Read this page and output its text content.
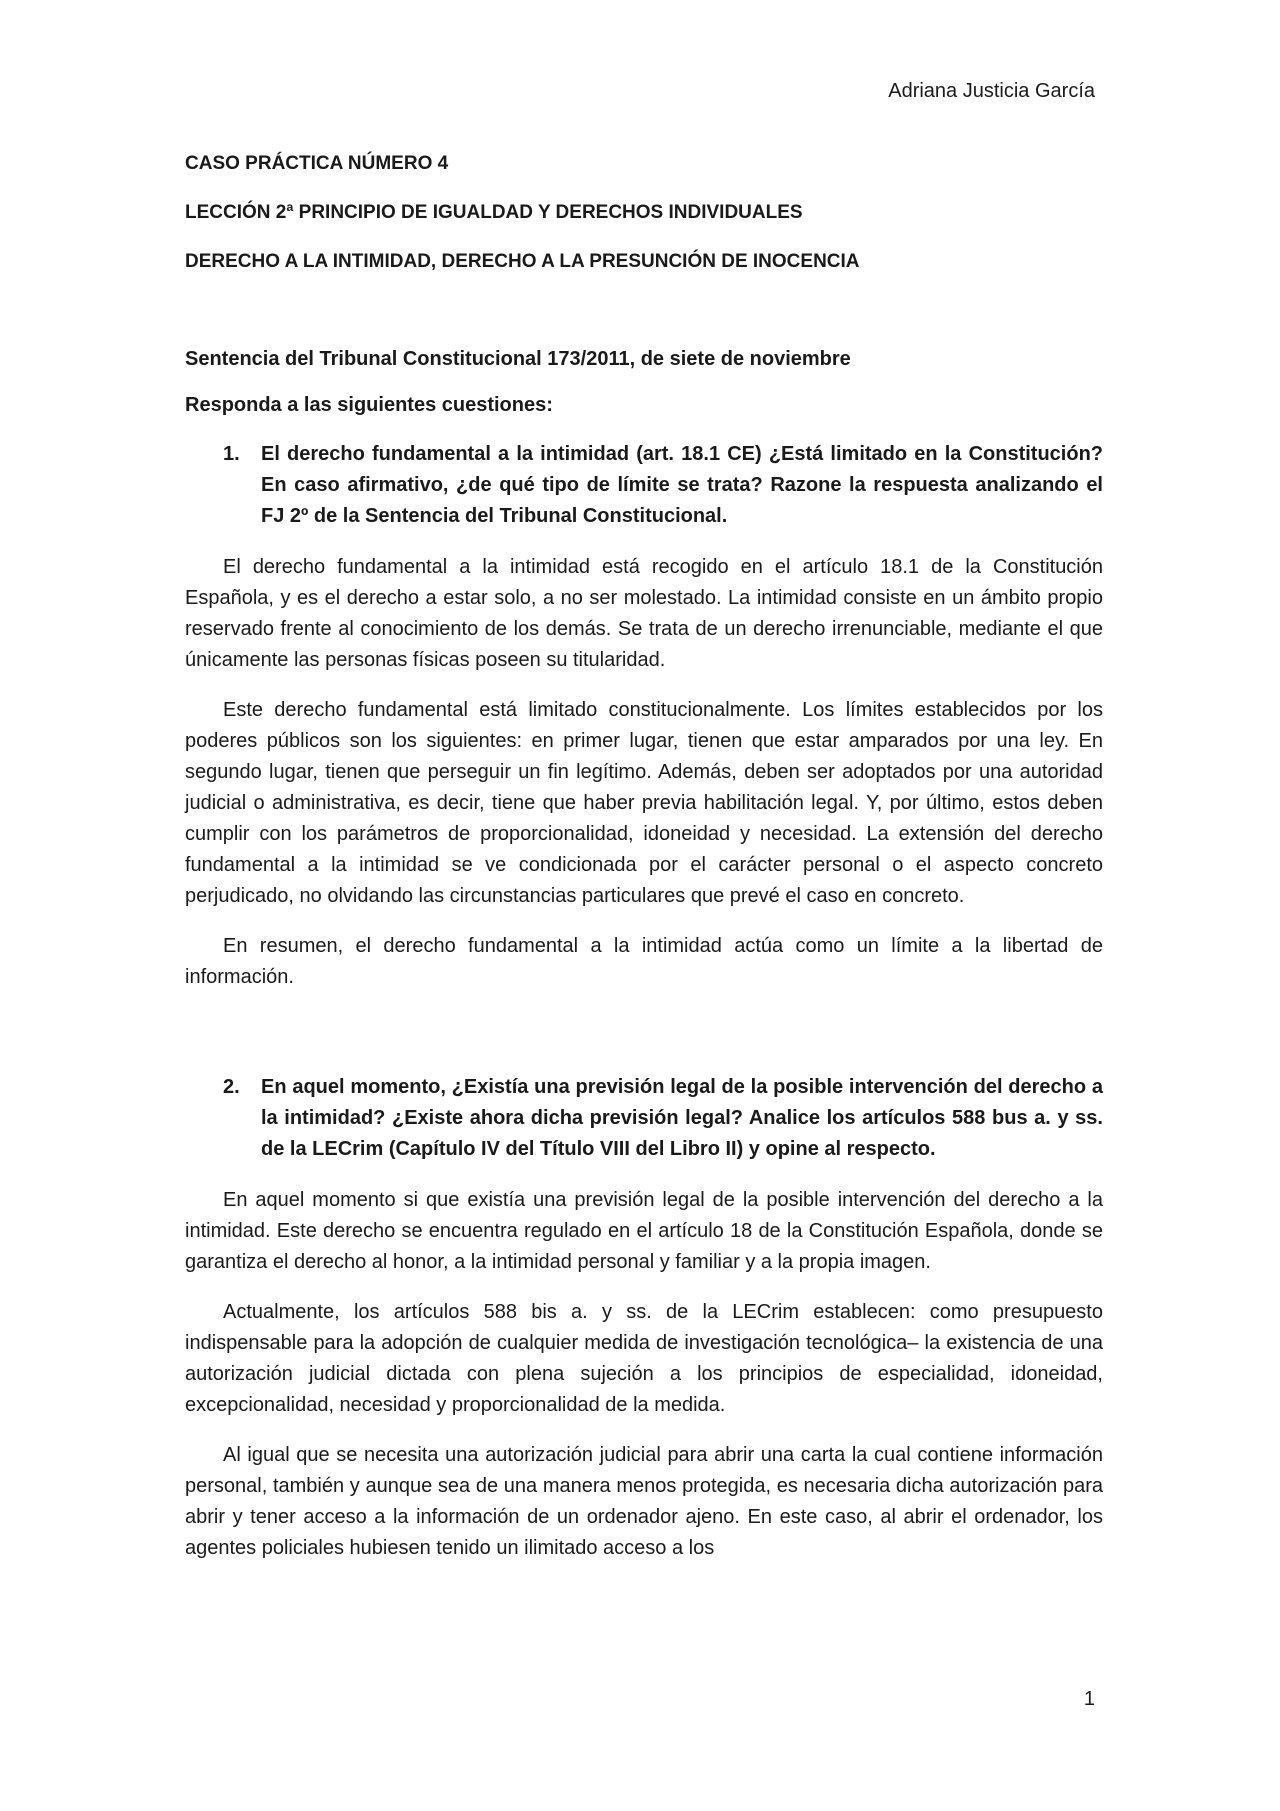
Adriana Justicia García
CASO PRÁCTICA NÚMERO 4
LECCIÓN 2ª PRINCIPIO DE IGUALDAD Y DERECHOS INDIVIDUALES
DERECHO A LA INTIMIDAD, DERECHO A LA PRESUNCIÓN DE INOCENCIA
Sentencia del Tribunal Constitucional 173/2011, de siete de noviembre
Responda a las siguientes cuestiones:
1.	El derecho fundamental a la intimidad (art. 18.1 CE) ¿Está limitado en la Constitución? En caso afirmativo, ¿de qué tipo de límite se trata? Razone la respuesta analizando el FJ 2º de la Sentencia del Tribunal Constitucional.

El derecho fundamental a la intimidad está recogido en el artículo 18.1 de la Constitución Española, y es el derecho a estar solo, a no ser molestado. La intimidad consiste en un ámbito propio reservado frente al conocimiento de los demás. Se trata de un derecho irrenunciable, mediante el que únicamente las personas físicas poseen su titularidad.

Este derecho fundamental está limitado constitucionalmente. Los límites establecidos por los poderes públicos son los siguientes: en primer lugar, tienen que estar amparados por una ley. En segundo lugar, tienen que perseguir un fin legítimo. Además, deben ser adoptados por una autoridad judicial o administrativa, es decir, tiene que haber previa habilitación legal. Y, por último, estos deben cumplir con los parámetros de proporcionalidad, idoneidad y necesidad. La extensión del derecho fundamental a la intimidad se ve condicionada por el carácter personal o el aspecto concreto perjudicado, no olvidando las circunstancias particulares que prevé el caso en concreto.

En resumen, el derecho fundamental a la intimidad actúa como un límite a la libertad de información.

2.	En aquel momento, ¿Existía una previsión legal de la posible intervención del derecho a la intimidad? ¿Existe ahora dicha previsión legal? Analice los artículos 588 bus a. y ss. de la LECrim (Capítulo IV del Título VIII del Libro II) y opine al respecto.

En aquel momento si que existía una previsión legal de la posible intervención del derecho a la intimidad. Este derecho se encuentra regulado en el artículo 18 de la Constitución Española, donde se garantiza el derecho al honor, a la intimidad personal y familiar y a la propia imagen.

Actualmente, los artículos 588 bis a. y ss. de la LECrim establecen: como presupuesto indispensable para la adopción de cualquier medida de investigación tecnológica– la existencia de una autorización judicial dictada con plena sujeción a los principios de especialidad, idoneidad, excepcionalidad, necesidad y proporcionalidad de la medida.

Al igual que se necesita una autorización judicial para abrir una carta la cual contiene información personal, también y aunque sea de una manera menos protegida, es necesaria dicha autorización para abrir y tener acceso a la información de un ordenador ajeno. En este caso, al abrir el ordenador, los agentes policiales hubiesen tenido un ilimitado acceso a los

1
